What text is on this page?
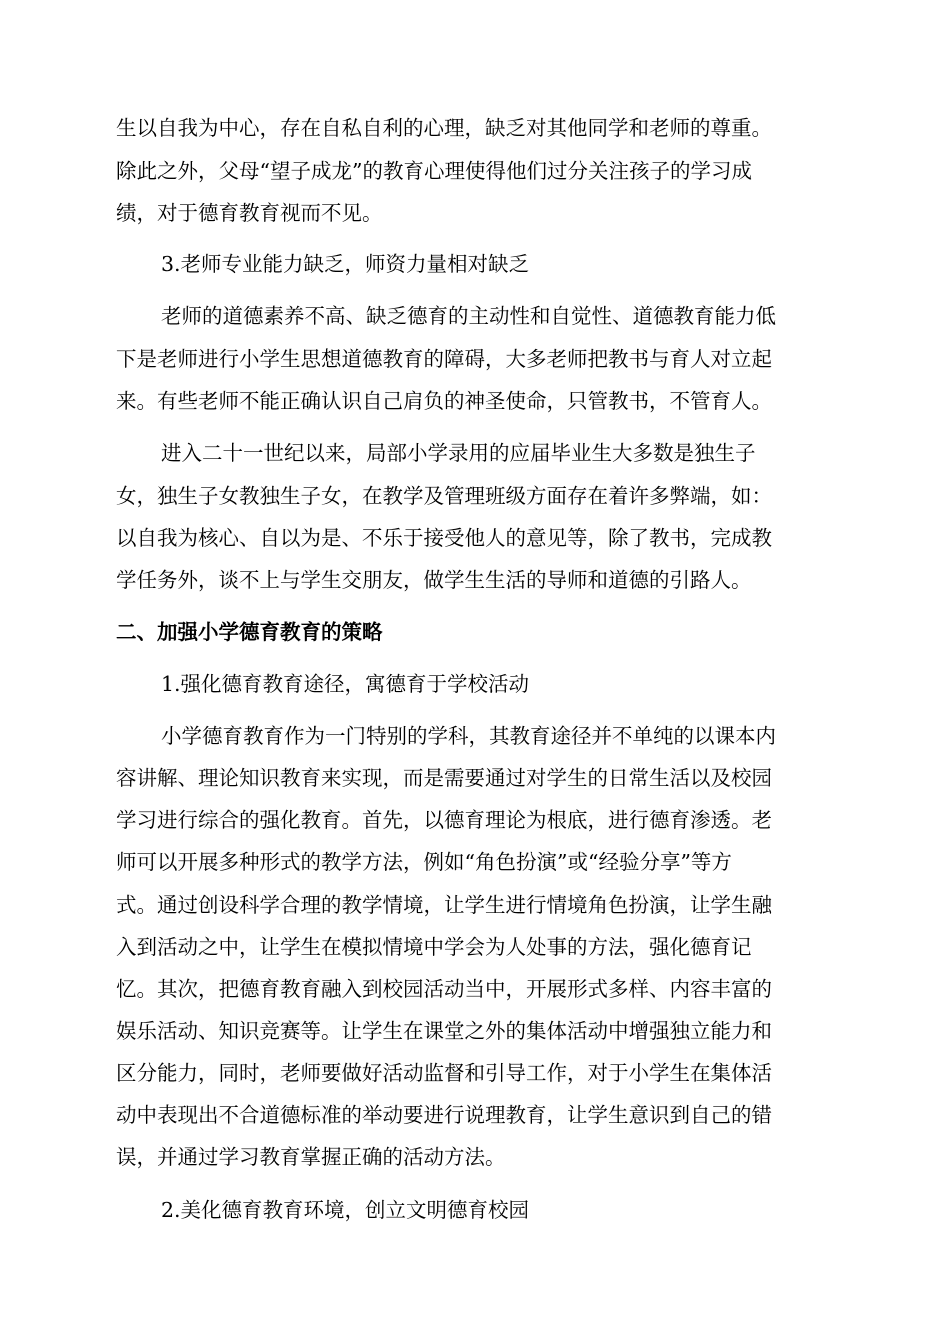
生以自我为中心，存在自私自利的心理，缺乏对其他同学和老师的尊重。
除此之外，父母“望子成龙”的教育心理使得他们过分关注孩子的学习成
绩，对于德育教育视而不见。
3.老师专业能力缺乏，师资力量相对缺乏
老师的道德素养不高、缺乏德育的主动性和自觉性、道德教育能力低
下是老师进行小学生思想道德教育的障碍，大多老师把教书与育人对立起
来。有些老师不能正确认识自己肩负的神圣使命，只管教书，不管育人。
进入二十一世纪以来，局部小学录用的应届毕业生大多数是独生子
女，独生子女教独生子女，在教学及管理班级方面存在着许多弊端，如：
以自我为核心、自以为是、不乐于接受他人的意见等，除了教书，完成教
学任务外，谈不上与学生交朋友，做学生生活的导师和道德的引路人。
二、加强小学德育教育的策略
1.强化德育教育途径，寓德育于学校活动
小学德育教育作为一门特别的学科，其教育途径并不单纯的以课本内
容讲解、理论知识教育来实现，而是需要通过对学生的日常生活以及校园
学习进行综合的强化教育。首先，以德育理论为根底，进行德育渗透。老
师可以开展多种形式的教学方法，例如“角色扮演”或“经验分享”等方
式。通过创设科学合理的教学情境，让学生进行情境角色扮演，让学生融
入到活动之中，让学生在模拟情境中学会为人处事的方法，强化德育记
忆。其次，把德育教育融入到校园活动当中，开展形式多样、内容丰富的
娱乐活动、知识竞赛等。让学生在课堂之外的集体活动中增强独立能力和
区分能力，同时，老师要做好活动监督和引导工作，对于小学生在集体活
动中表现出不合道德标准的举动要进行说理教育，让学生意识到自己的错
误，并通过学习教育掌握正确的活动方法。
2.美化德育教育环境，创立文明德育校园
